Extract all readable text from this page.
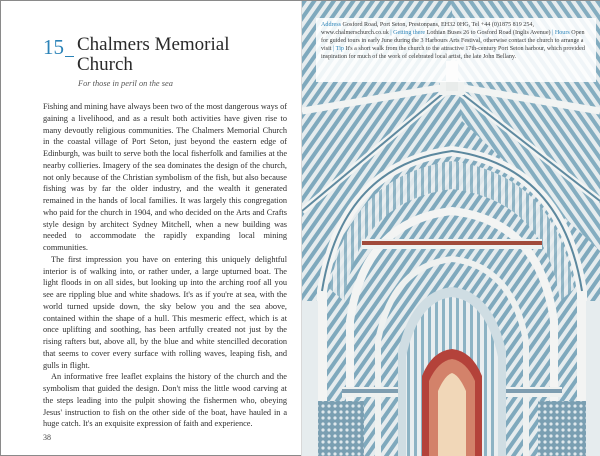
15 Chalmers Memorial Church
For those in peril on the sea

Fishing and mining have always been two of the most dangerous ways of gaining a livelihood, and as a result both activities have given rise to many devoutly religious communities. The Chalmers Memorial Church in the coastal village of Port Seton, just beyond the eastern edge of Edinburgh, was built to serve both the local fisherfolk and families at the nearby collieries. Imagery of the sea dominates the design of the church, not only because of the Christian symbolism of the fish, but also because fishing was by far the older industry, and the wealth it generated remained in the hands of local families. It was largely this congregation who paid for the church in 1904, and who decided on the Arts and Crafts style design by architect Sydney Mitchell, when a new building was needed to accommodate the rapidly expanding local mining communities.

The first impression you have on entering this uniquely delightful interior is of walking into, or rather under, a large upturned boat. The light floods in on all sides, but looking up into the arching roof all you see are rippling blue and white shadows. It's as if you're at sea, with the world turned upside down, the sky below you and the sea above, contained within the shape of a hull. This mesmeric effect, which is at once uplifting and soothing, has been artfully created not just by the rising rafters but, above all, by the blue and white stencilled decoration that seems to cover every surface with rolling waves, leaping fish, and gulls in flight.

An informative free leaflet explains the history of the church and the symbolism that guided the design. Don't miss the little wood carving at the steps leading into the pulpit showing the fishermen who, obeying Jesus' instruction to fish on the other side of the boat, have hauled in a huge catch. It's an exquisite expression of faith and experience.

38
Address Gosford Road, Port Seton, Prestonpans, EH32 0HG, Tel +44 (0)1875 819 254, www.chalmerschurch.co.uk | Getting there Lothian Buses 26 to Gosford Road (Inglis Avenue) | Hours Open for guided tours in early June during the 3 Harbours Arts Festival, otherwise contact the church to arrange a visit | Tip It's a short walk from the church to the attractive 17th-century Port Seton harbour, which provided inspiration for much of the work of celebrated local artist, the late John Bellany.
